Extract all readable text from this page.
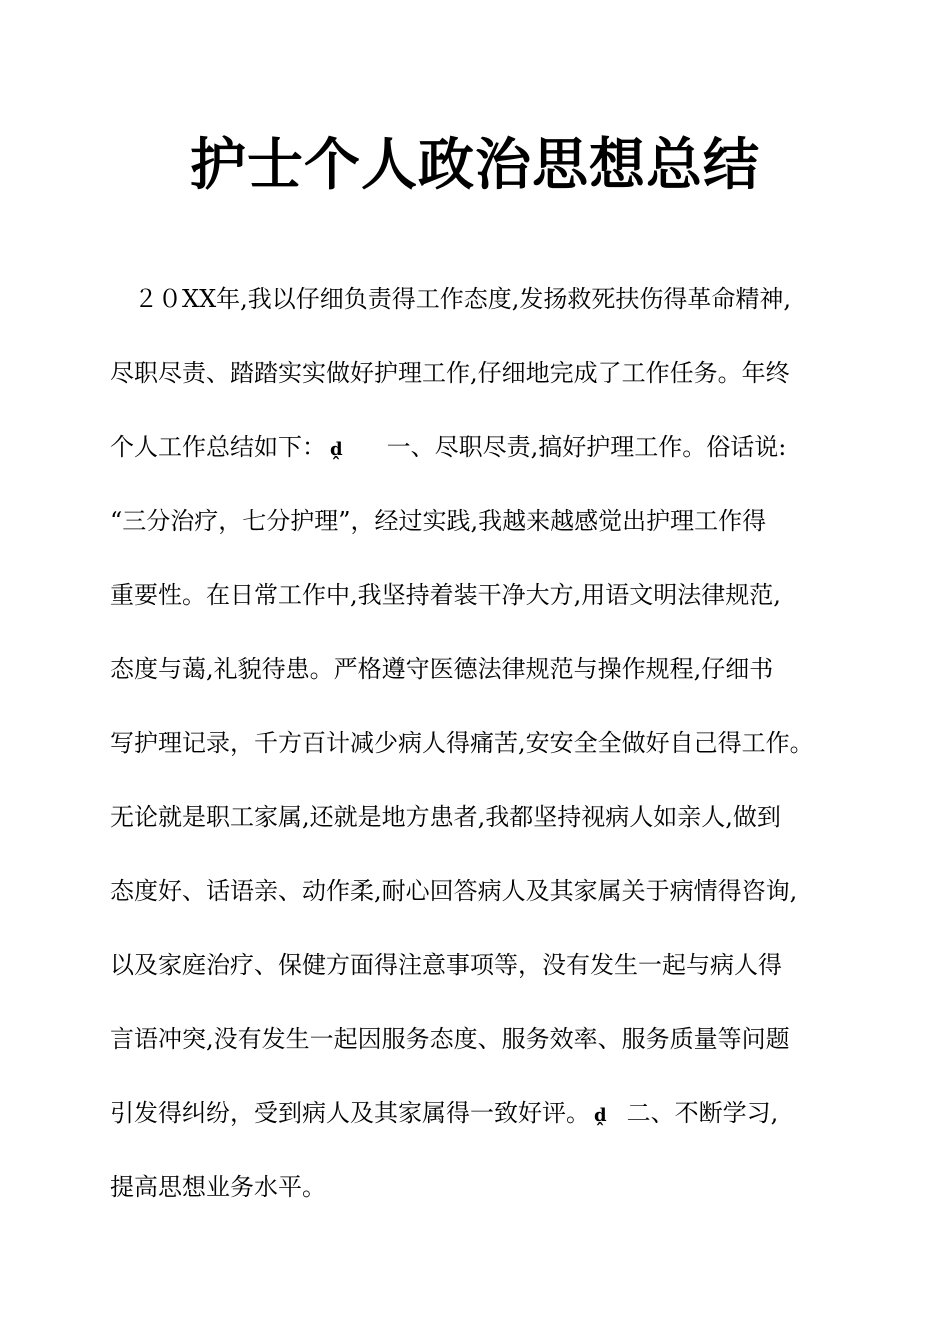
护士个人政治思想总结
　２０XX年,我以仔细负责得工作态度,发扬救死扶伤得革命精神,
尽职尽责、踏踏实实做好护理工作,仔细地完成了工作任务。年终
个人工作总结如下： ḓ 一、尽职尽责,搞好护理工作。俗话说:
“三分治疗，七分护理”，经过实践,我越来越感觉出护理工作得
重要性。在日常工作中,我坚持着装干净大方,用语文明法律规范,
态度与蔼,礼貌待患。严格遵守医德法律规范与操作规程,仔细书
写护理记录，千方百计减少病人得痛苦,安安全全做好自己得工作。
无论就是职工家属,还就是地方患者,我都坚持视病人如亲人,做到
态度好、话语亲、动作柔,耐心回答病人及其家属关于病情得咨询,
以及家庭治疗、保健方面得注意事项等，没有发生一起与病人得
言语冲突,没有发生一起因服务态度、服务效率、服务质量等问题
引发得纠纷，受到病人及其家属得一致好评。 ḓ 二、不断学习,
提高思想业务水平。
